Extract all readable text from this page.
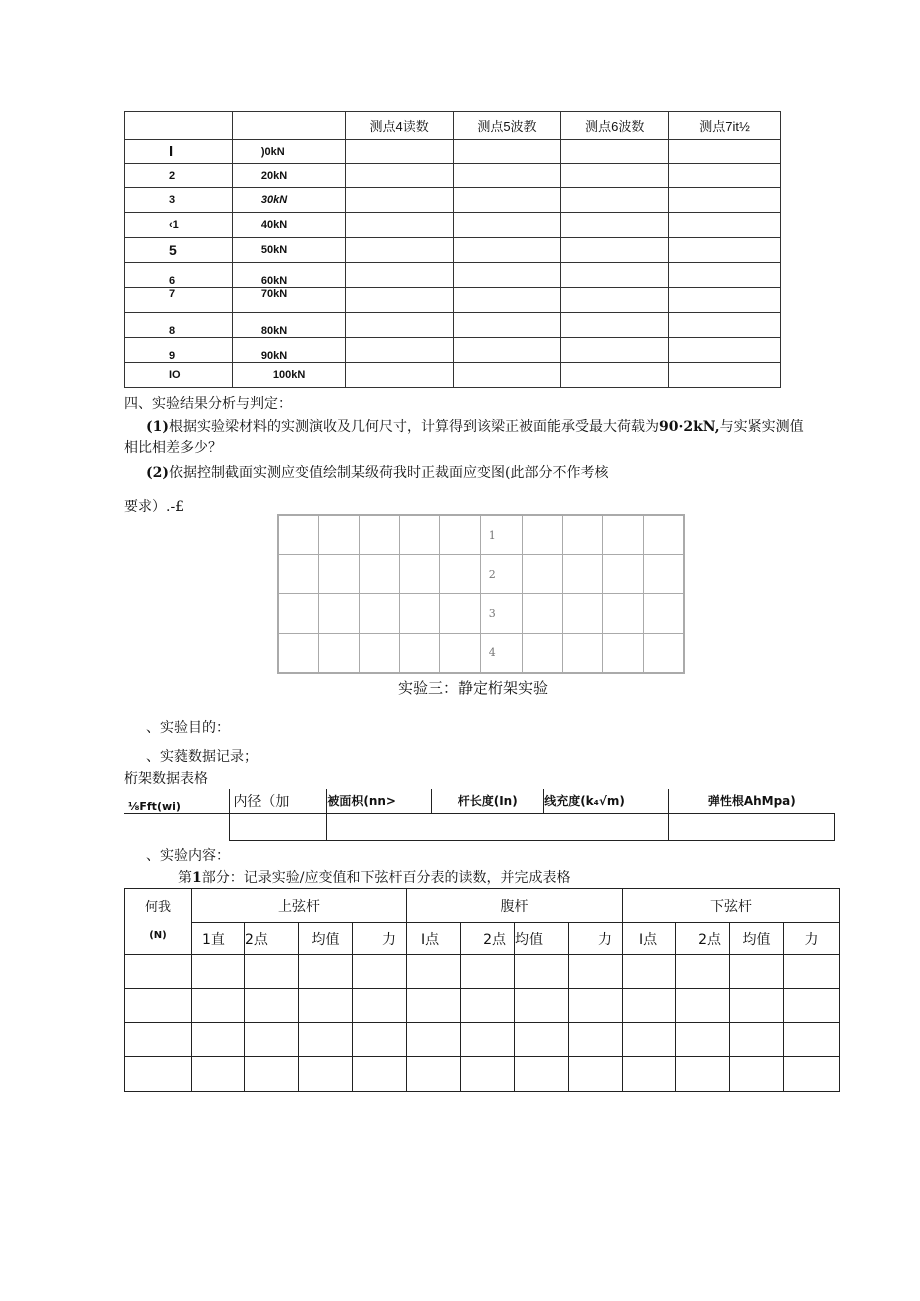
		测点4读数	测点5波教	测点6波数	测点7it½
I	)0kN				
2	20kN				
3	30kN				
‹1	40kN				
5	50kN				
6	60kN				
7	70kN				
8	80kN				
9	90kN				
IO	100kN				
四、实验结果分析与判定：
(1)根据实验梁材料的实测演收及几何尺寸，计算得到该梁正被面能承受最大荷载为90·2kN,与实紧实测值
相比相差多少？
(2)依据控制截面实测应变值绘制某级荷我时正裁面应变图(此部分不作考核
要求）.-£
					1				
					2				
					3				
					4				
实验三：静定桁架实验
、实验目的：
、实蕤数据记录；
桁架数据表格
⅛Fft(wi)	内径（加	被面枳(nn>	杆长度(In)	线充度(k₄√m)	弹性根AhMpa)

、实验内容：
第1部分：记录实验/应变值和下弦杆百分表的读数，并完成表格
何我
(N)	上弦杆				腹杆				下弦杆			
	1直	2点	均值	力	I点	2点	均值	力	I点	2点	均值	力
